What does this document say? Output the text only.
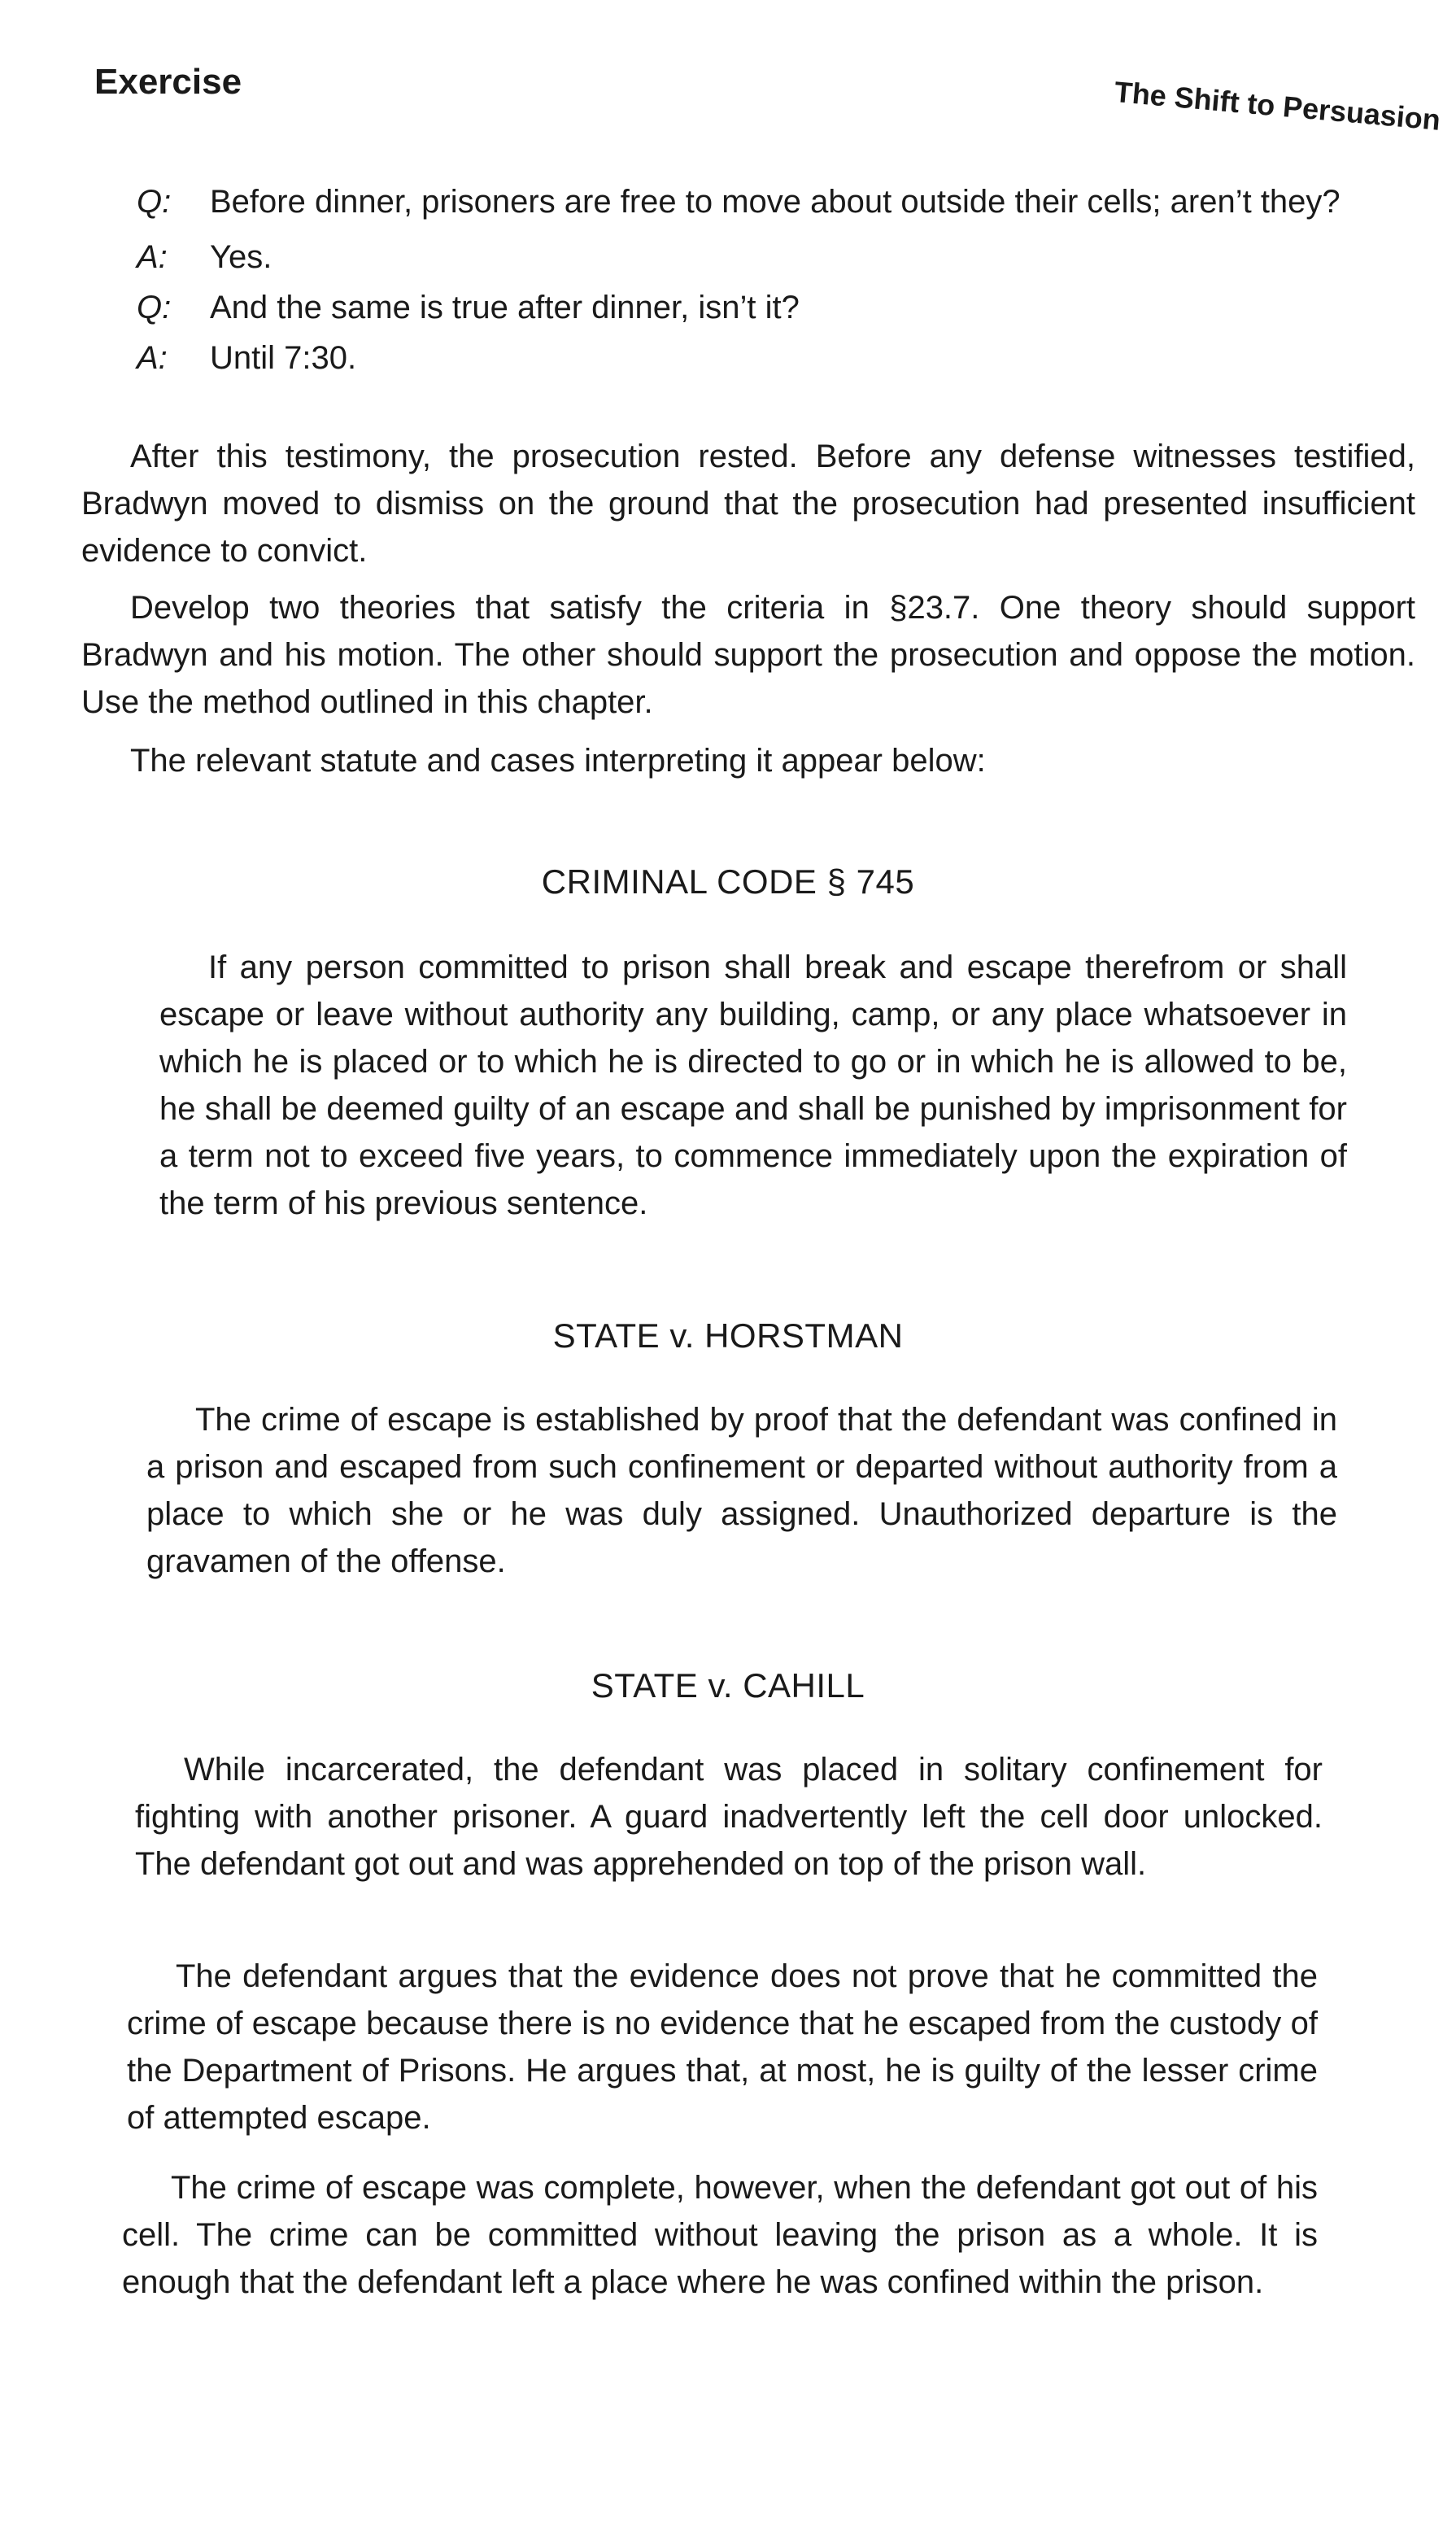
Exercise	The Shift to Persuasion
Q: Before dinner, prisoners are free to move about outside their cells; aren’t they?
A: Yes.
Q: And the same is true after dinner, isn’t it?
A: Until 7:30.

After this testimony, the prosecution rested. Before any defense witnesses testified, Bradwyn moved to dismiss on the ground that the prosecution had presented insufficient evidence to convict.

Develop two theories that satisfy the criteria in §23.7. One theory should support Bradwyn and his motion. The other should support the prosecution and oppose the motion. Use the method outlined in this chapter.

The relevant statute and cases interpreting it appear below:

CRIMINAL CODE § 745

If any person committed to prison shall break and escape therefrom or shall escape or leave without authority any building, camp, or any place whatsoever in which he is placed or to which he is directed to go or in which he is allowed to be, he shall be deemed guilty of an escape and shall be punished by imprisonment for a term not to exceed five years, to commence immediately upon the expiration of the term of his previous sentence.

STATE v. HORSTMAN

The crime of escape is established by proof that the defendant was confined in a prison and escaped from such confinement or departed without authority from a place to which she or he was duly assigned. Unauthorized departure is the gravamen of the offense.

STATE v. CAHILL

While incarcerated, the defendant was placed in solitary confinement for fighting with another prisoner. A guard inadvertently left the cell door unlocked. The defendant got out and was apprehended on top of the prison wall.

The defendant argues that the evidence does not prove that he committed the crime of escape because there is no evidence that he escaped from the custody of the Department of Prisons. He argues that, at most, he is guilty of the lesser crime of attempted escape.

The crime of escape was complete, however, when the defendant got out of his cell. The crime can be committed without leaving the prison as a whole. It is enough that the defendant left a place where he was confined within the prison.
